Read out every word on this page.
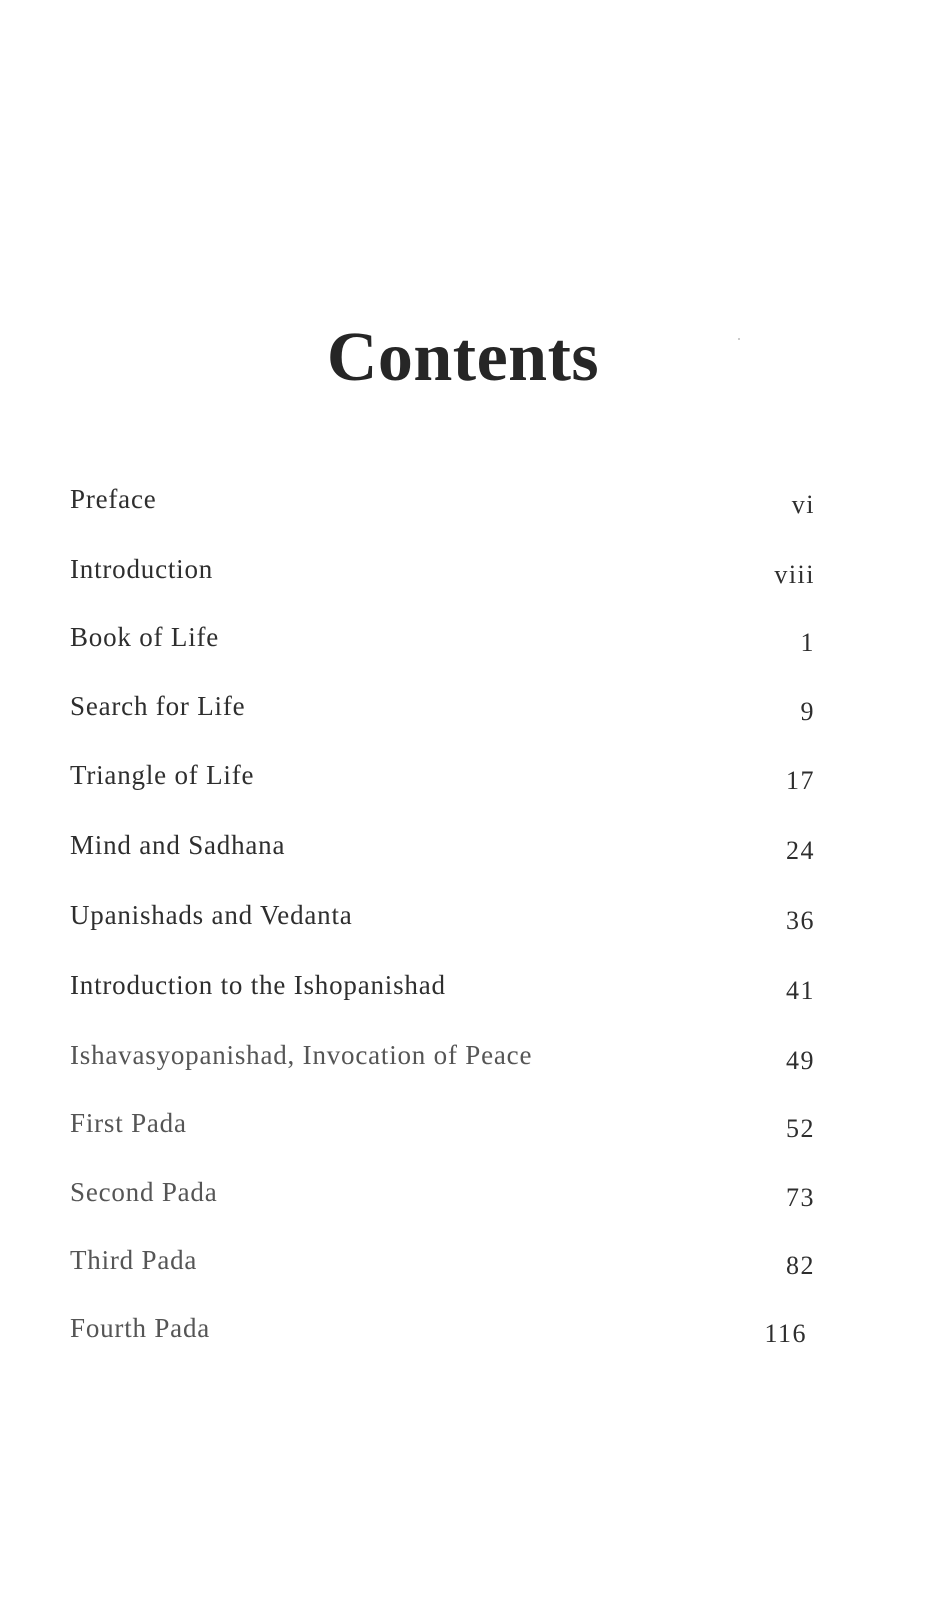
Contents
Preface	vi
Introduction	viii
Book of Life	1
Search for Life	9
Triangle of Life	17
Mind and Sadhana	24
Upanishads and Vedanta	36
Introduction to the Ishopanishad	41
Ishavasyopanishad, Invocation of Peace	49
First Pada	52
Second Pada	73
Third Pada	82
Fourth Pada	116
